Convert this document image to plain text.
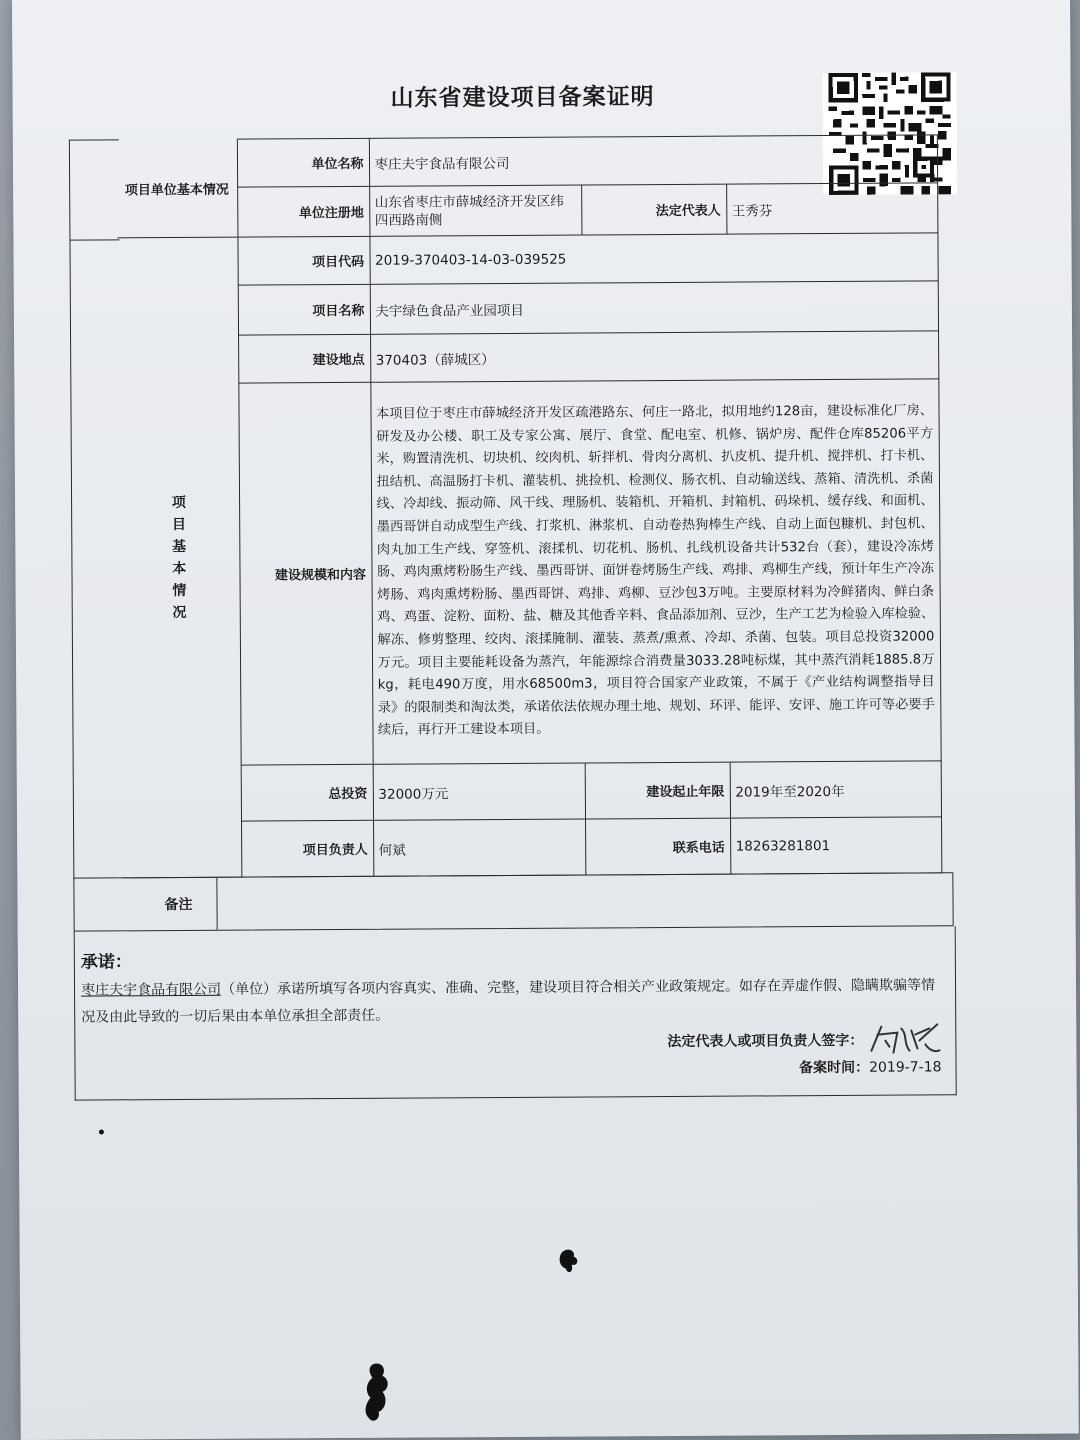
山东省建设项目备案证明
项目单位基本情况	单位名称	枣庄夫宇食品有限公司		
	单位注册地	山东省枣庄市薛城经济开发区纬四西路南侧	法定代表人	王秀芬

项目基本情况	项目代码	2019-370403-14-03-039525		
	项目名称	夫宇绿色食品产业园项目		
	建设地点	370403（薛城区）		
	建设规模和内容	本项目位于枣庄市薛城经济开发区疏港路东、何庄一路北，拟用地约128亩，建设标准化厂房、研发及办公楼、职工及专家公寓、展厅、食堂、配电室、机修、锅炉房、配件仓库85206平方米，购置清洗机、切块机、绞肉机、斩拌机、骨肉分离机、扒皮机、提升机、搅拌机、打卡机、扭结机、高温肠打卡机、灌装机、挑捡机、检测仪、肠衣机、自动输送线、蒸箱、清洗机、杀菌线、冷却线、振动筛、风干线、理肠机、装箱机、开箱机、封箱机、码垛机、缓存线、和面机、墨西哥饼自动成型生产线、打浆机、淋浆机、自动卷热狗棒生产线、自动上面包糠机、封包机、肉丸加工生产线、穿签机、滚揉机、切花机、肠机、扎线机设备共计532台（套），建设冷冻烤肠、鸡肉熏烤粉肠生产线、墨西哥饼、面饼卷烤肠生产线、鸡排、鸡柳生产线，预计年生产冷冻烤肠、鸡肉熏烤粉肠、墨西哥饼、鸡排、鸡柳、豆沙包3万吨。主要原材料为冷鲜猪肉、鲜白条鸡、鸡蛋、淀粉、面粉、盐、糖及其他香辛料、食品添加剂、豆沙，生产工艺为检验入库检验、解冻、修剪整理、绞肉、滚揉腌制、灌装、蒸煮/熏煮、冷却、杀菌、包装。项目总投资32000万元。项目主要能耗设备为蒸汽，年能源综合消费量3033.28吨标煤，其中蒸汽消耗1885.8万kg，耗电490万度，用水68500m3，项目符合国家产业政策，不属于《产业结构调整指导目录》的限制类和淘汰类，承诺依法依规办理土地、规划、环评、能评、安评、施工许可等必要手续后，再行开工建设本项目。		
	总投资	32000万元	建设起止年限	2019年至2020年
	项目负责人	何斌	联系电话	18263281801
备注
承诺：
枣庄夫宇食品有限公司（单位）承诺所填写各项内容真实、准确、完整，建设项目符合相关产业政策规定。如存在弄虚作假、隐瞒欺骗等情况及由此导致的一切后果由本单位承担全部责任。
法定代表人或项目负责人签字：
备案时间：2019-7-18
